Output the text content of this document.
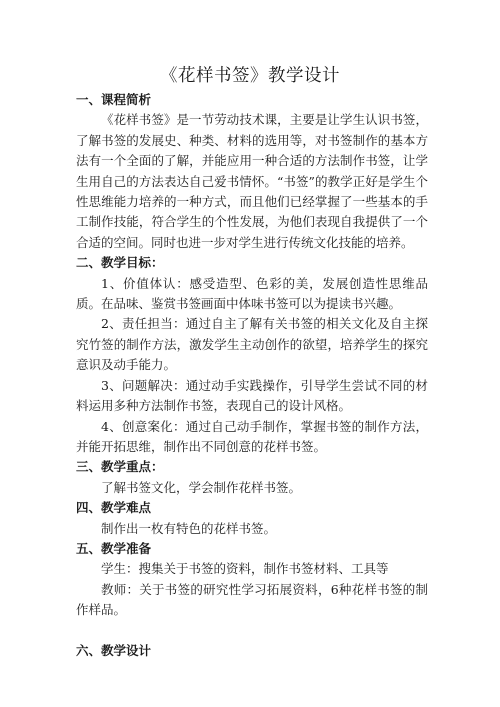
《花样书签》教学设计

一、课程简析

《花样书签》是一节劳动技术课，主要是让学生认识书签，了解书签的发展史、种类、材料的选用等，对书签制作的基本方法有一个全面的了解，并能应用一种合适的方法制作书签，让学生用自己的方法表达自己爱书情怀。“书签”的教学正好是学生个性思维能力培养的一种方式，而且他们已经掌握了一些基本的手工制作技能，符合学生的个性发展，为他们表现自我提供了一个合适的空间。同时也进一步对学生进行传统文化技能的培养。

二、教学目标：

1、价值体认：感受造型、色彩的美，发展创造性思维品质。在品味、鉴赏书签画面中体味书签可以为提读书兴趣。

2、责任担当：通过自主了解有关书签的相关文化及自主探究竹签的制作方法，激发学生主动创作的欲望，培养学生的探究意识及动手能力。

3、问题解决：通过动手实践操作，引导学生尝试不同的材料运用多种方法制作书签，表现自己的设计风格。

4、创意案化：通过自己动手制作，掌握书签的制作方法，并能开拓思维，制作出不同创意的花样书签。

三、教学重点：

了解书签文化，学会制作花样书签。

四、教学难点

制作出一枚有特色的花样书签。

五、教学准备

学生：搜集关于书签的资料，制作书签材料、工具等

教师：关于书签的研究性学习拓展资料，6种花样书签的制作样品。

六、教学设计
